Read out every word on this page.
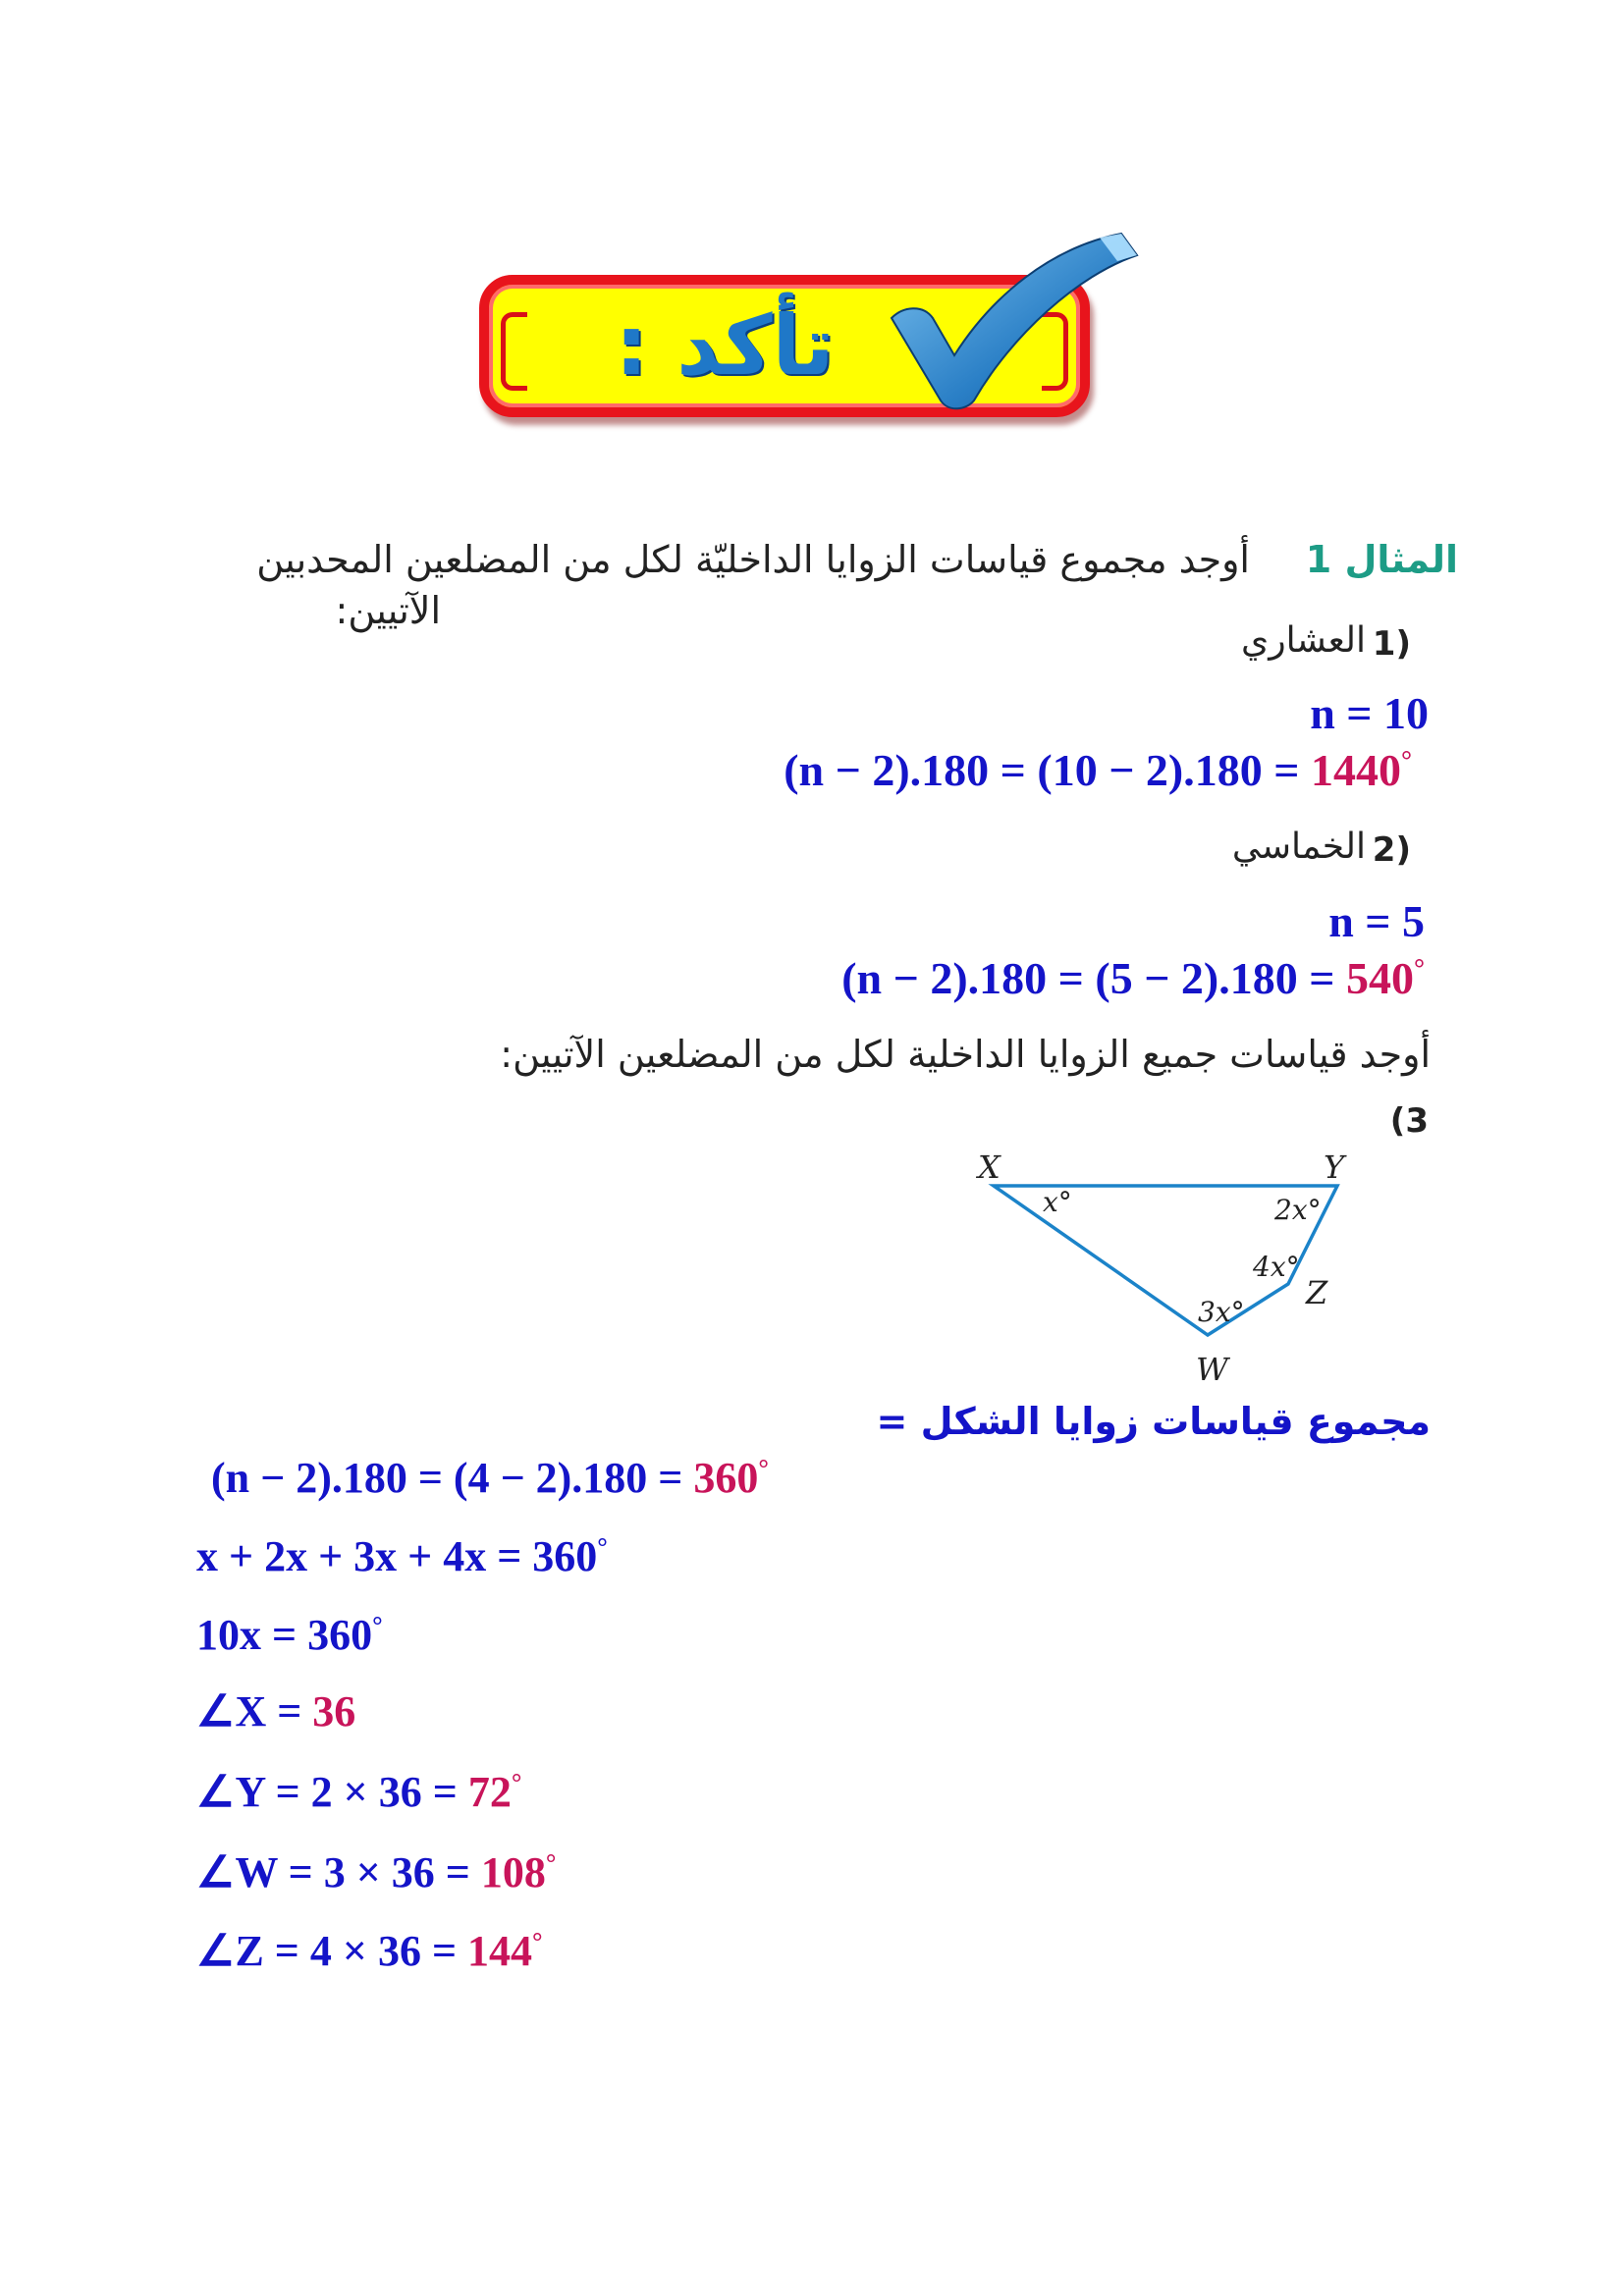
تأكد :
المثال 1
أوجد مجموع قياسات الزوايا الداخليّة لكل من المضلعين المحدبين
الآتيين:
1)
العشاري
n = 10
(n − 2).180 = (10 − 2).180 = 1440°
2)
الخماسي
n = 5
(n − 2).180 = (5 − 2).180 = 540°
أوجد قياسات جميع الزوايا الداخلية لكل من المضلعين الآتيين:
(3
X	Y
Z
W
x°	2x°
4x°
3x°
مجموع قياسات زوايا الشكل =
(n − 2).180 = (4 − 2).180 = 360°
x + 2x + 3x + 4x = 360°
10x = 360°
∠X = 36
∠Y = 2 × 36 = 72°
∠W = 3 × 36 = 108°
∠Z = 4 × 36 = 144°
